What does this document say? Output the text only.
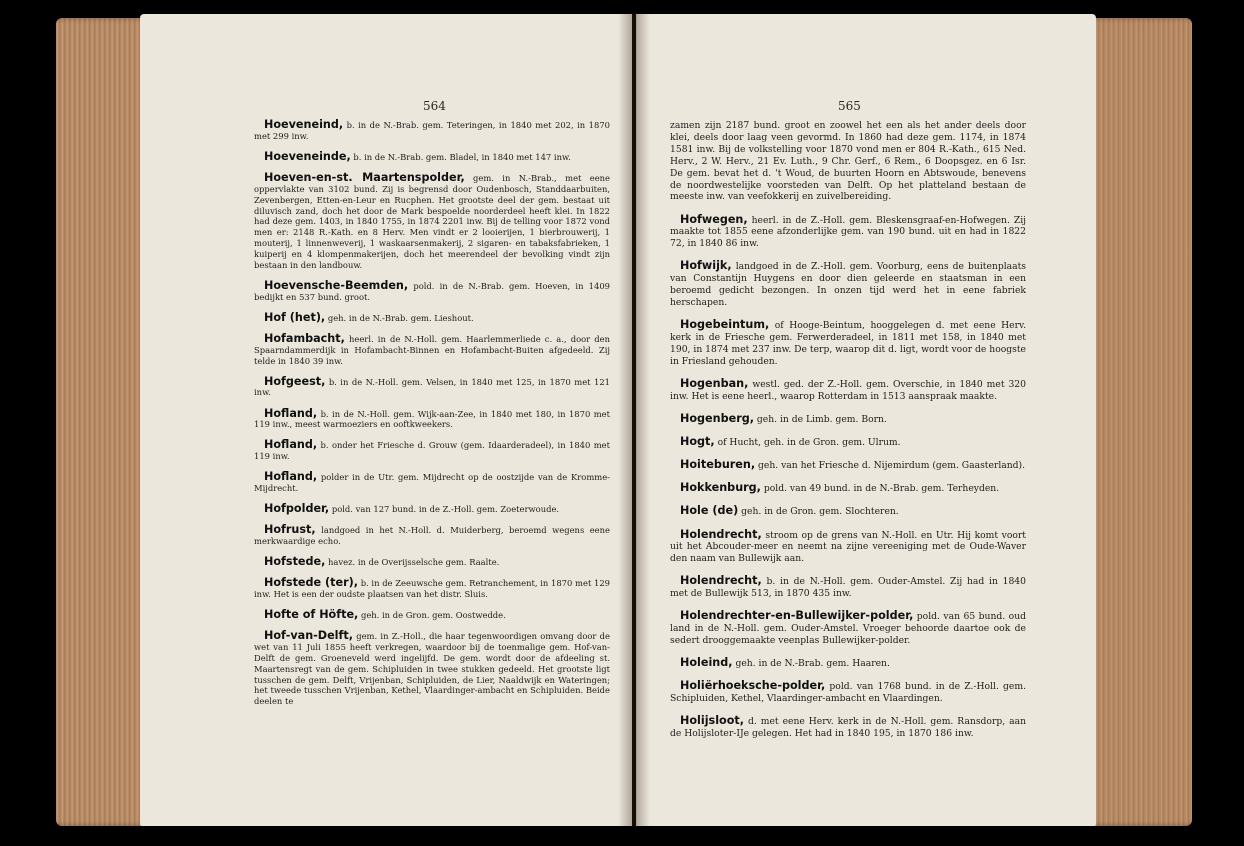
564	565

Hoeveneind, b. in de N.-Brab. gem. Teteringen, in 1840 met 202, in 1870 met 299 inw.

Hoeveneinde, b. in de N.-Brab. gem. Bladel, in 1840 met 147 inw.

Hoeven-en-st. Maartenspolder, gem. in N.-Brab., met eene oppervlakte van 3102 bund. Zij is begrensd door Oudenbosch, Standdaarbuiten, Zevenbergen, Etten-en-Leur en Rucphen. Het grootste deel der gem. bestaat uit diluvisch zand, doch het door de Mark bespoelde noorderdeel heeft klei. In 1822 had deze gem. 1403, in 1840 1755, in 1874 2201 inw. Bij de telling voor 1872 vond men er: 2148 R.-Kath. en 8 Herv. Men vindt er 2 looierijen, 1 bierbrouwerij, 1 mouterij, 1 linnenweverij, 1 waskaarsenmakerij, 2 sigaren- en tabaksfabrieken, 1 kuiperij en 4 klompenmakerijen, doch het meerendeel der bevolking vindt zijn bestaan in den landbouw.

Hoevensche-Beemden, pold. in de N.-Brab. gem. Hoeven, in 1409 bedijkt en 537 bund. groot.

Hof (het), geh. in de N.-Brab. gem. Lieshout.

Hofambacht, heerl. in de N.-Holl. gem. Haarlemmerliede c. a., door den Spaarndammerdijk in Hofambacht-Binnen en Hofambacht-Buiten afgedeeld. Zij telde in 1840 39 inw.

Hofgeest, b. in de N.-Holl. gem. Velsen, in 1840 met 125, in 1870 met 121 inw.

Hofland, b. in de N.-Holl. gem. Wijk-aan-Zee, in 1840 met 180, in 1870 met 119 inw., meest warmoeziers en ooftkweekers.

Hofland, b. onder het Friesche d. Grouw (gem. Idaarderadeel), in 1840 met 119 inw.

Hofland, polder in de Utr. gem. Mijdrecht op de oostzijde van de Kromme-Mijdrecht.

Hofpolder, pold. van 127 bund. in de Z.-Holl. gem. Zoeterwoude.

Hofrust, landgoed in het N.-Holl. d. Muiderberg, beroemd wegens eene merkwaardige echo.

Hofstede, havez. in de Overijsselsche gem. Raalte.

Hofstede (ter), b. in de Zeeuwsche gem. Retranchement, in 1870 met 129 inw. Het is een der oudste plaatsen van het distr. Sluis.

Hofte of Höfte, geh. in de Gron. gem. Oostwedde.

Hof-van-Delft, gem. in Z.-Holl., die haar tegenwoordigen omvang door de wet van 11 Juli 1855 heeft verkregen, waardoor bij de toenmalige gem. Hof-van-Delft de gem. Groeneveld werd ingelijfd. De gem. wordt door de afdeeling st. Maartensregt van de gem. Schipluiden in twee stukken gedeeld. Het grootste ligt tusschen de gem. Delft, Vrijenban, Schipluiden, de Lier, Naaldwijk en Wateringen; het tweede tusschen Vrijenban, Kethel, Vlaardinger-ambacht en Schipluiden. Beide deelen te

zamen zijn 2187 bund. groot en zoowel het een als het ander deels door klei, deels door laag veen gevormd. In 1860 had deze gem. 1174, in 1874 1581 inw. Bij de volkstelling voor 1870 vond men er 804 R.-Kath., 615 Ned. Herv., 2 W. Herv., 21 Ev. Luth., 9 Chr. Gerf., 6 Rem., 6 Doopsgez. en 6 Isr. De gem. bevat het d. 't Woud, de buurten Hoorn en Abtswoude, benevens de noordwestelijke voorsteden van Delft. Op het platteland bestaan de meeste inw. van veefokkerij en zuivelbereiding.

Hofwegen, heerl. in de Z.-Holl. gem. Bleskensgraaf-en-Hofwegen. Zij maakte tot 1855 eene afzonderlijke gem. van 190 bund. uit en had in 1822 72, in 1840 86 inw.

Hofwijk, landgoed in de Z.-Holl. gem. Voorburg, eens de buitenplaats van Constantijn Huygens en door dien geleerde en staatsman in een beroemd gedicht bezongen. In onzen tijd werd het in eene fabriek herschapen.

Hogebeintum, of Hooge-Beintum, hooggelegen d. met eene Herv. kerk in de Friesche gem. Ferwerderadeel, in 1811 met 158, in 1840 met 190, in 1874 met 237 inw. De terp, waarop dit d. ligt, wordt voor de hoogste in Friesland gehouden.

Hogenban, westl. ged. der Z.-Holl. gem. Overschie, in 1840 met 320 inw. Het is eene heerl., waarop Rotterdam in 1513 aanspraak maakte.

Hogenberg, geh. in de Limb. gem. Born.

Hogt, of Hucht, geh. in de Gron. gem. Ulrum.

Hoiteburen, geh. van het Friesche d. Nijemirdum (gem. Gaasterland).

Hokkenburg, pold. van 49 bund. in de N.-Brab. gem. Terheyden.

Hole (de) geh. in de Gron. gem. Slochteren.

Holendrecht, stroom op de grens van N.-Holl. en Utr. Hij komt voort uit het Abcouder-meer en neemt na zijne vereeniging met de Oude-Waver den naam van Bullewijk aan.

Holendrecht, b. in de N.-Holl. gem. Ouder-Amstel. Zij had in 1840 met de Bullewijk 513, in 1870 435 inw.

Holendrechter-en-Bullewijker-polder, pold. van 65 bund. oud land in de N.-Holl. gem. Ouder-Amstel. Vroeger behoorde daartoe ook de sedert drooggemaakte veenplas Bullewijker-polder.

Holeind, geh. in de N.-Brab. gem. Haaren.

Holiërhoeksche-polder, pold. van 1768 bund. in de Z.-Holl. gem. Schipluiden, Kethel, Vlaardinger-ambacht en Vlaardingen.

Holijsloot, d. met eene Herv. kerk in de N.-Holl. gem. Ransdorp, aan de Holijsloter-IJe gelegen. Het had in 1840 195, in 1870 186 inw.
